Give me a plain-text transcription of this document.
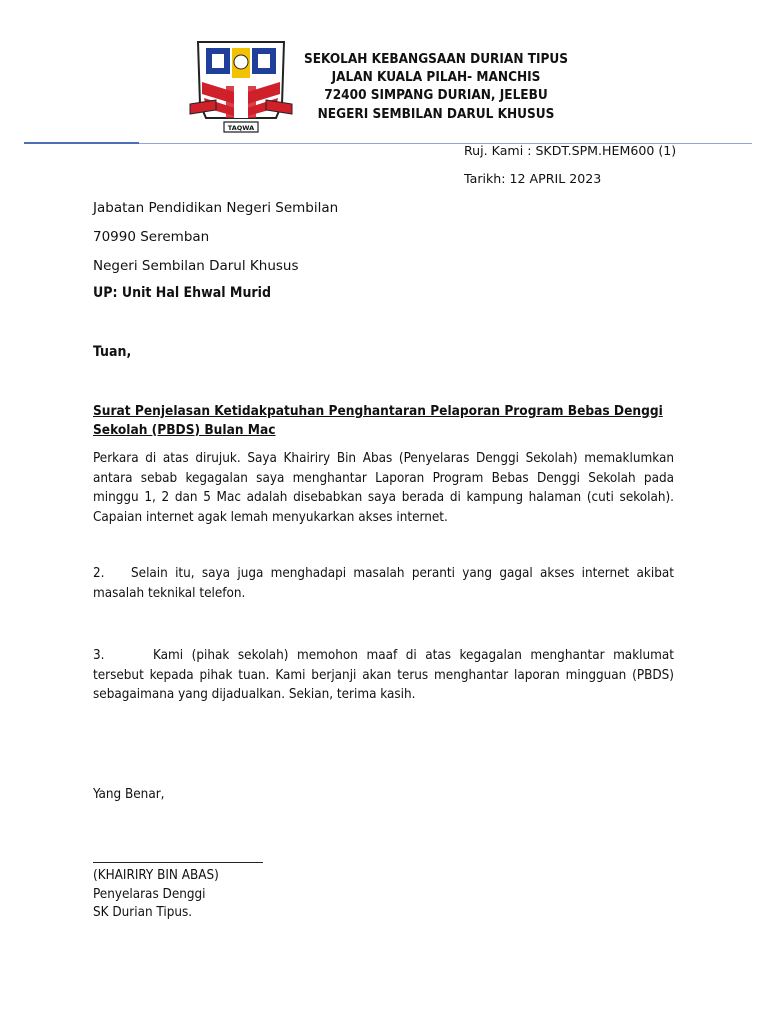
TAQWA
SEKOLAH KEBANGSAAN DURIAN TIPUS
JALAN KUALA PILAH- MANCHIS
72400 SIMPANG DURIAN, JELEBU
NEGERI SEMBILAN DARUL KHUSUS
Ruj. Kami : SKDT.SPM.HEM600 (1)
Tarikh: 12 APRIL 2023
Jabatan Pendidikan Negeri Sembilan
70990 Seremban
Negeri Sembilan Darul Khusus
UP: Unit Hal Ehwal Murid
Tuan,
Surat Penjelasan Ketidakpatuhan Penghantaran Pelaporan Program Bebas Denggi Sekolah (PBDS) Bulan Mac
Perkara di atas dirujuk. Saya Khairiry Bin Abas (Penyelaras Denggi Sekolah) memaklumkan antara sebab kegagalan saya menghantar Laporan Program Bebas Denggi Sekolah pada minggu 1, 2 dan 5 Mac adalah disebabkan saya berada di kampung halaman (cuti sekolah). Capaian internet agak lemah menyukarkan akses internet.
2. Selain itu, saya juga menghadapi masalah peranti yang gagal akses internet akibat masalah teknikal telefon.
3.	Kami (pihak sekolah) memohon maaf di atas kegagalan menghantar maklumat tersebut kepada pihak tuan. Kami berjanji akan terus menghantar laporan mingguan (PBDS) sebagaimana yang dijadualkan. Sekian, terima kasih.
Yang Benar,
(KHAIRIRY BIN ABAS)
Penyelaras Denggi
SK Durian Tipus.
